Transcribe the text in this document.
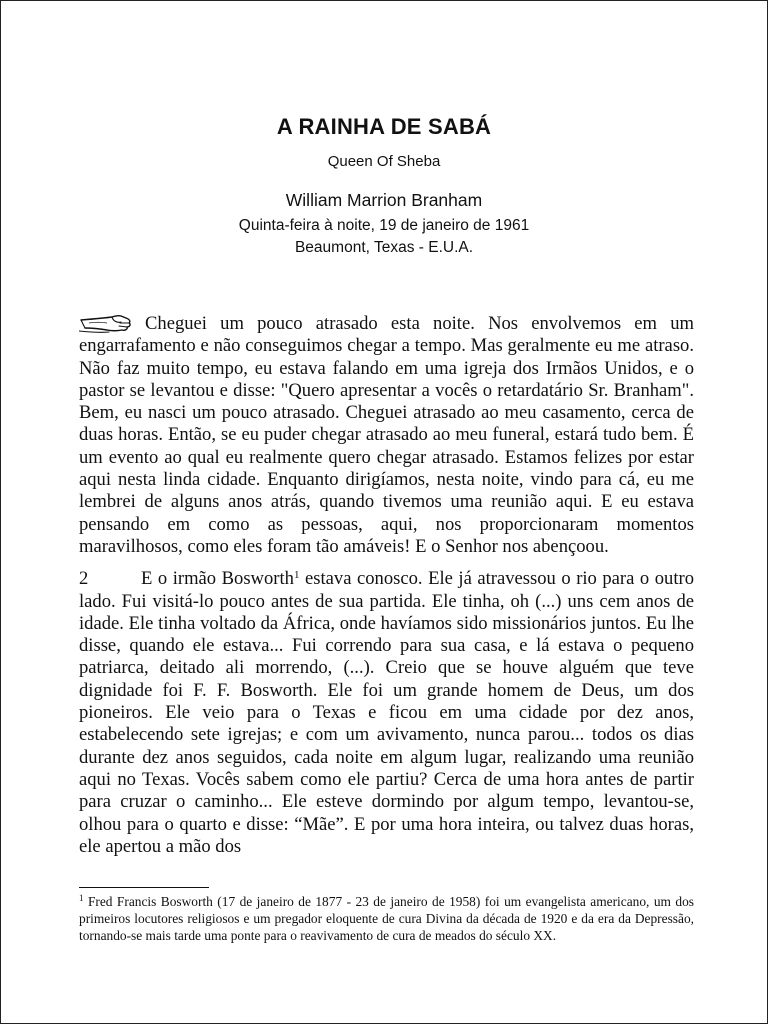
A RAINHA DE SABÁ
Queen Of Sheba
William Marrion Branham
Quinta-feira à noite, 19 de janeiro de 1961
Beaumont, Texas - E.U.A.

Cheguei um pouco atrasado esta noite. Nos envolvemos em um engarrafamento e não conseguimos chegar a tempo. Mas geralmente eu me atraso. Não faz muito tempo, eu estava falando em uma igreja dos Irmãos Unidos, e o pastor se levantou e disse: "Quero apresentar a vocês o retardatário Sr. Branham". Bem, eu nasci um pouco atrasado. Cheguei atrasado ao meu casamento, cerca de duas horas. Então, se eu puder chegar atrasado ao meu funeral, estará tudo bem. É um evento ao qual eu realmente quero chegar atrasado. Estamos felizes por estar aqui nesta linda cidade. Enquanto dirigíamos, nesta noite, vindo para cá, eu me lembrei de alguns anos atrás, quando tivemos uma reunião aqui. E eu estava pensando em como as pessoas, aqui, nos proporcionaram momentos maravilhosos, como eles foram tão amáveis! E o Senhor nos abençoou.

2	E o irmão Bosworth$^1$ estava conosco. Ele já atravessou o rio para o outro lado. Fui visitá-lo pouco antes de sua partida. Ele tinha, oh (...) uns cem anos de idade. Ele tinha voltado da África, onde havíamos sido missionários juntos. Eu lhe disse, quando ele estava... Fui correndo para sua casa, e lá estava o pequeno patriarca, deitado ali morrendo, (...). Creio que se houve alguém que teve dignidade foi F. F. Bosworth. Ele foi um grande homem de Deus, um dos pioneiros. Ele veio para o Texas e ficou em uma cidade por dez anos, estabelecendo sete igrejas; e com um avivamento, nunca parou... todos os dias durante dez anos seguidos, cada noite em algum lugar, realizando uma reunião aqui no Texas. Vocês sabem como ele partiu? Cerca de uma hora antes de partir para cruzar o caminho... Ele esteve dormindo por algum tempo, levantou-se, olhou para o quarto e disse: “Mãe”. E por uma hora inteira, ou talvez duas horas, ele apertou a mão dos

$^1$ Fred Francis Bosworth (17 de janeiro de 1877 - 23 de janeiro de 1958) foi um evangelista americano, um dos primeiros locutores religiosos e um pregador eloquente de cura Divina da década de 1920 e da era da Depressão, tornando-se mais tarde uma ponte para o reavivamento de cura de meados do século XX.
